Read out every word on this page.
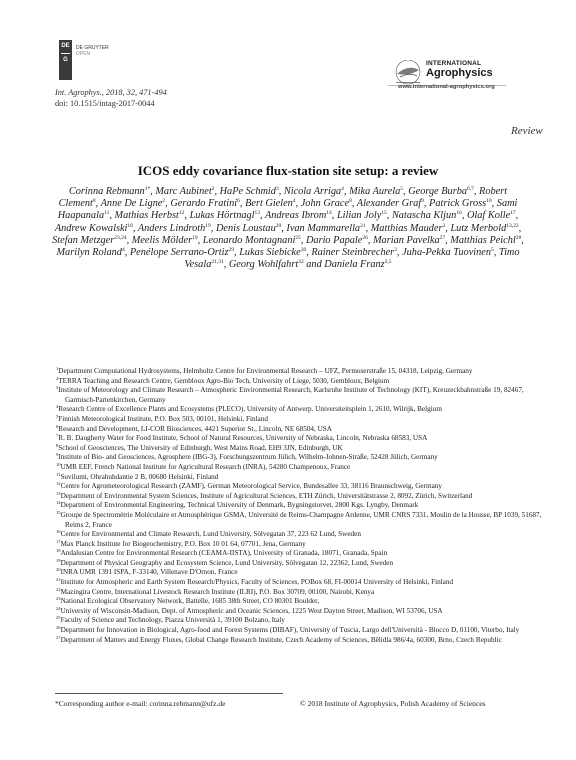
DE
G
DE GRUYTER
OPEN
INTERNATIONAL
Agrophysics
www.international-agrophysics.org
Int. Agrophys., 2018, 32, 471-494
doi: 10.1515/intag-2017-0044
Review
ICOS eddy covariance flux-station site setup: a review
Corinna Rebmann$^{1*}$, Marc Aubinet$^2$, HaPe Schmid$^3$, Nicola Arriga$^4$, Mika Aurela$^5$, George Burba$^{6,7}$, Robert Clement$^8$, Anne De Ligne$^2$, Gerardo Fratini$^6$, Bert Gielen$^4$, John Grace$^8$, Alexander Graf$^9$, Patrick Gross$^{10}$, Sami Haapanala$^{11}$, Mathias Herbst$^{12}$, Lukas Hörtnagl$^{13}$, Andreas Ibrom$^{14}$, Lilian Joly$^{15}$, Natascha Kljun$^{16}$, Olaf Kolle$^{17}$, Andrew Kowalski$^{18}$, Anders Lindroth$^{19}$, Denis Loustau$^{20}$, Ivan Mammarella$^{21}$, Matthias Mauder$^3$, Lutz Merbold$^{13,22}$, Stefan Metzger$^{23,24}$, Meelis Mölder$^{19}$, Leonardo Montagnani$^{25}$, Dario Papale$^{26}$, Marian Pavelka$^{27}$, Matthias Peichl$^{28}$, Marilyn Roland$^4$, Penélope Serrano-Ortiz$^{29}$, Lukas Siebicke$^{30}$, Rainer Steinbrecher$^3$, Juha-Pekka Tuovinen$^5$, Timo Vesala$^{21,31}$, Georg Wohlfahrt$^{32}$ and Daniela Franz$^{3,5}$
$^1$Department Computational Hydrosystems, Helmholtz Centre for Environmental Research – UFZ, Permoserstraße 15, 04318, Leipzig, Germany
$^2$TERRA Teaching and Research Centre, Gembloux Agro-Bio Tech, University of Liege, 5030, Gembloux, Belgium
$^3$Institute of Meteorology and Climate Research – Atmospheric Environmental Research, Karlsruhe Institute of Technology (KIT), Kreuzeckbahnstraße 19, 82467, Garmisch-Partenkirchen, Germany
$^4$Research Centre of Excellence Plants and Ecosystems (PLECO), University of Antwerp. Universiteitsplein 1, 2610, Wilrijk, Belgium
$^5$Finnish Meteorological Institute, P.O. Box 503, 00101, Helsinki, Finland
$^6$Research and Development, LI-COR Biosciences, 4421 Superior St., Lincoln, NE 68504, USA
$^7$R. B. Daugherty Water for Food Institute, School of Natural Resources, University of Nebraska, Lincoln, Nebraska 68583, USA
$^8$School of Geosciences, The University of Edinburgh, West Mains Road, EH9 3JN, Edinburgh, UK
$^9$Institute of Bio- and Geosciences, Agrosphere (IBG-3), Forschungszentrum Jülich, Wilhelm-Johnen-Straße, 52428 Jülich, Germany
$^{10}$UMR EEF, French National Institute for Agricultural Research (INRA), 54280 Champenoux, France
$^{11}$Suvilumi, Ohrahuhdantie 2 B, 00680 Helsinki, Finland
$^{12}$Centre for Agrometeorological Research (ZAMF), German Meteorological Service, Bundesallee 33, 38116 Braunschweig, Germany
$^{13}$Department of Environmental System Sciences, Institute of Agricultural Sciences, ETH Zürich, Universitätstrasse 2, 8092, Zürich, Switzerland
$^{14}$Department of Environmental Engineering, Technical University of Denmark, Bygningstorvet, 2800 Kgs. Lyngby, Denmark
$^{15}$Groupe de Spectrométrie Moléculaire et Atmosphérique GSMA, Université de Reims-Champagne Ardenne, UMR CNRS 7331, Moulin de la Housse, BP 1039, 51687, Reims 2, France
$^{16}$Centre for Environmental and Climate Research, Lund University, Sölvegatan 37, 223 62 Lund, Sweden
$^{17}$Max Planck Institute for Biogeochemistry, P.O. Box 10 01 64, 07701, Jena, Germany
$^{18}$Andalusian Centre for Environmental Research (CEAMA-IISTA), University of Granada, 18071, Granada, Spain
$^{19}$Department of Physical Geography and Ecosystem Science, Lund University, Sölvegatan 12, 22362, Lund, Sweden
$^{20}$INRA UMR 1391 ISPA, F-33140, Villenave D'Ornon, France
$^{21}$Institute for Atmospheric and Earth System Research/Physics, Faculty of Sciences, POBox 68, FI-00014 University of Helsinki, Finland
$^{22}$Mazingira Centre, International Livestock Research Institute (ILRI), P.O. Box 30709, 00100, Nairobi, Kenya
$^{23}$National Ecological Observatory Network, Battelle, 1685 38th Street, CO 80301 Boulder,
$^{24}$University of Wisconsin-Madison, Dept. of Atmospheric and Oceanic Sciences, 1225 West Dayton Street, Madison, WI 53706, USA
$^{25}$Faculty of Science and Technology, Piazza Università 1, 39100 Bolzano, Italy
$^{26}$Department for Innovation in Biological, Agro-food and Forest Systems (DIBAF), University of Tuscia, Largo dell'Università - Blocco D, 01100, Viterbo, Italy
$^{27}$Department of Matters and Energy Fluxes, Global Change Research Institute, Czech Academy of Sciences, Bělidla 986/4a, 60300, Brno, Czech Republic
*Corresponding author e-mail: corinna.rebmann@ufz.de	© 2018 Institute of Agrophysics, Polish Academy of Sciences
